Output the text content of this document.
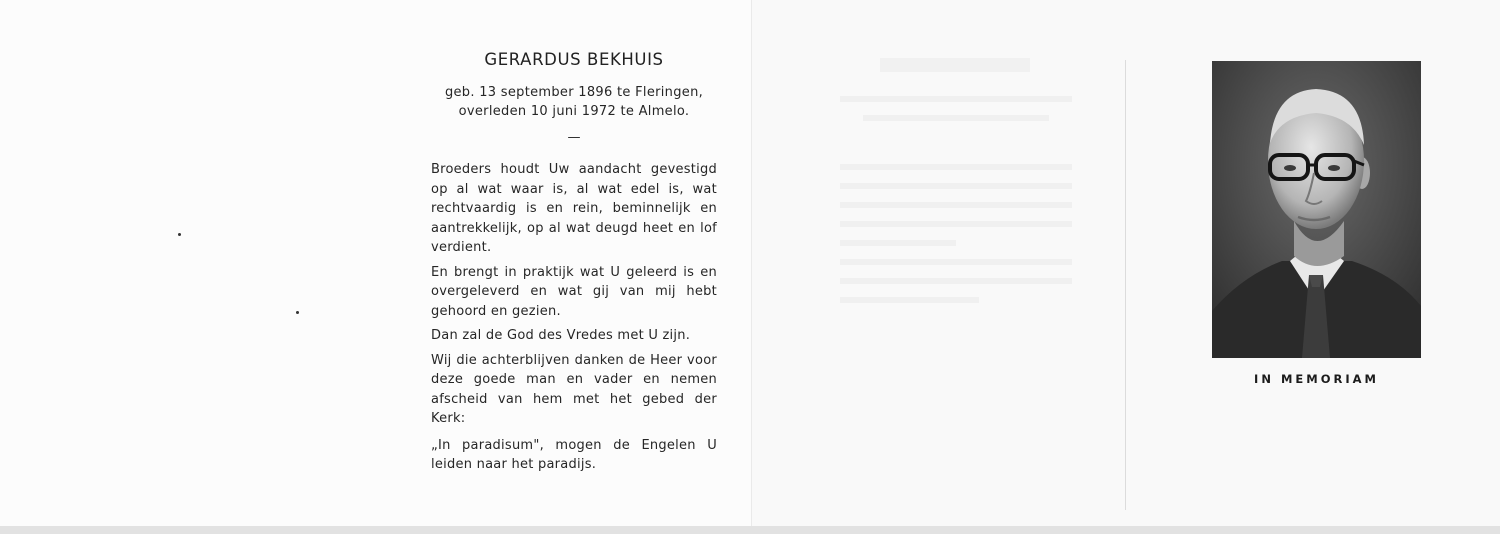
GERARDUS BEKHUIS
geb. 13 september 1896 te Fleringen,
overleden 10 juni 1972 te Almelo.
—

Broeders houdt Uw aandacht gevestigd op al wat waar is, al wat edel is, wat rechtvaardig is en rein, beminnelijk en aantrekkelijk, op al wat deugd heet en lof verdient.

En brengt in praktijk wat U geleerd is en overgeleverd en wat gij van mij hebt gehoord en gezien.

Dan zal de God des Vredes met U zijn.

Wij die achterblijven danken de Heer voor deze goede man en vader en nemen afscheid van hem met het gebed der Kerk:

„In paradisum", mogen de Engelen U leiden naar het paradijs.

IN MEMORIAM
